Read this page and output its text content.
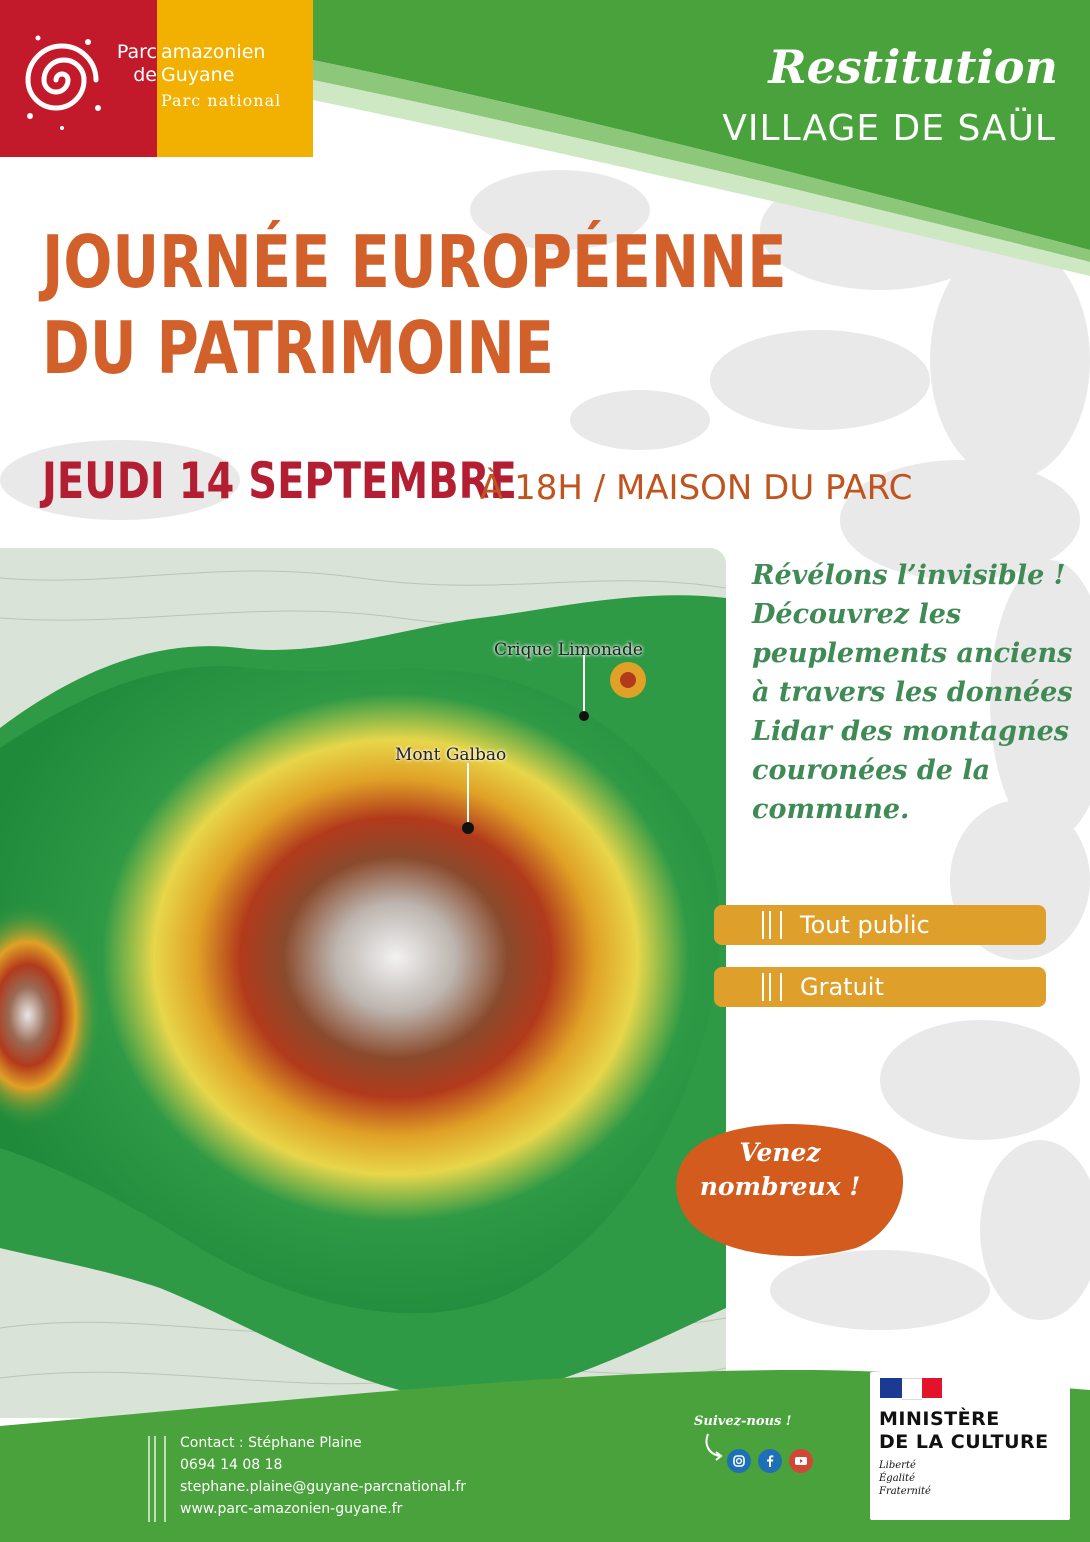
Parc amazonien
de Guyane
Parc national
Restitution
VILLAGE DE SAÜL
JOURNÉE EUROPÉENNE
DU PATRIMOINE
JEUDI 14 SEPTEMBRE
À 18H / MAISON DU PARC
Crique Limonade
Mont Galbao
Révélons l’invisible !
Découvrez les
peuplements anciens
à travers les données
Lidar des montagnes
couronées de la
commune.
Tout public
Gratuit
Venez
nombreux !
Contact : Stéphane Plaine
0694 14 08 18
stephane.plaine@guyane-parcnational.fr
www.parc-amazonien-guyane.fr
Suivez-nous !	MINISTÈRE
DE LA CULTURE
Liberté
Égalité
Fraternité
